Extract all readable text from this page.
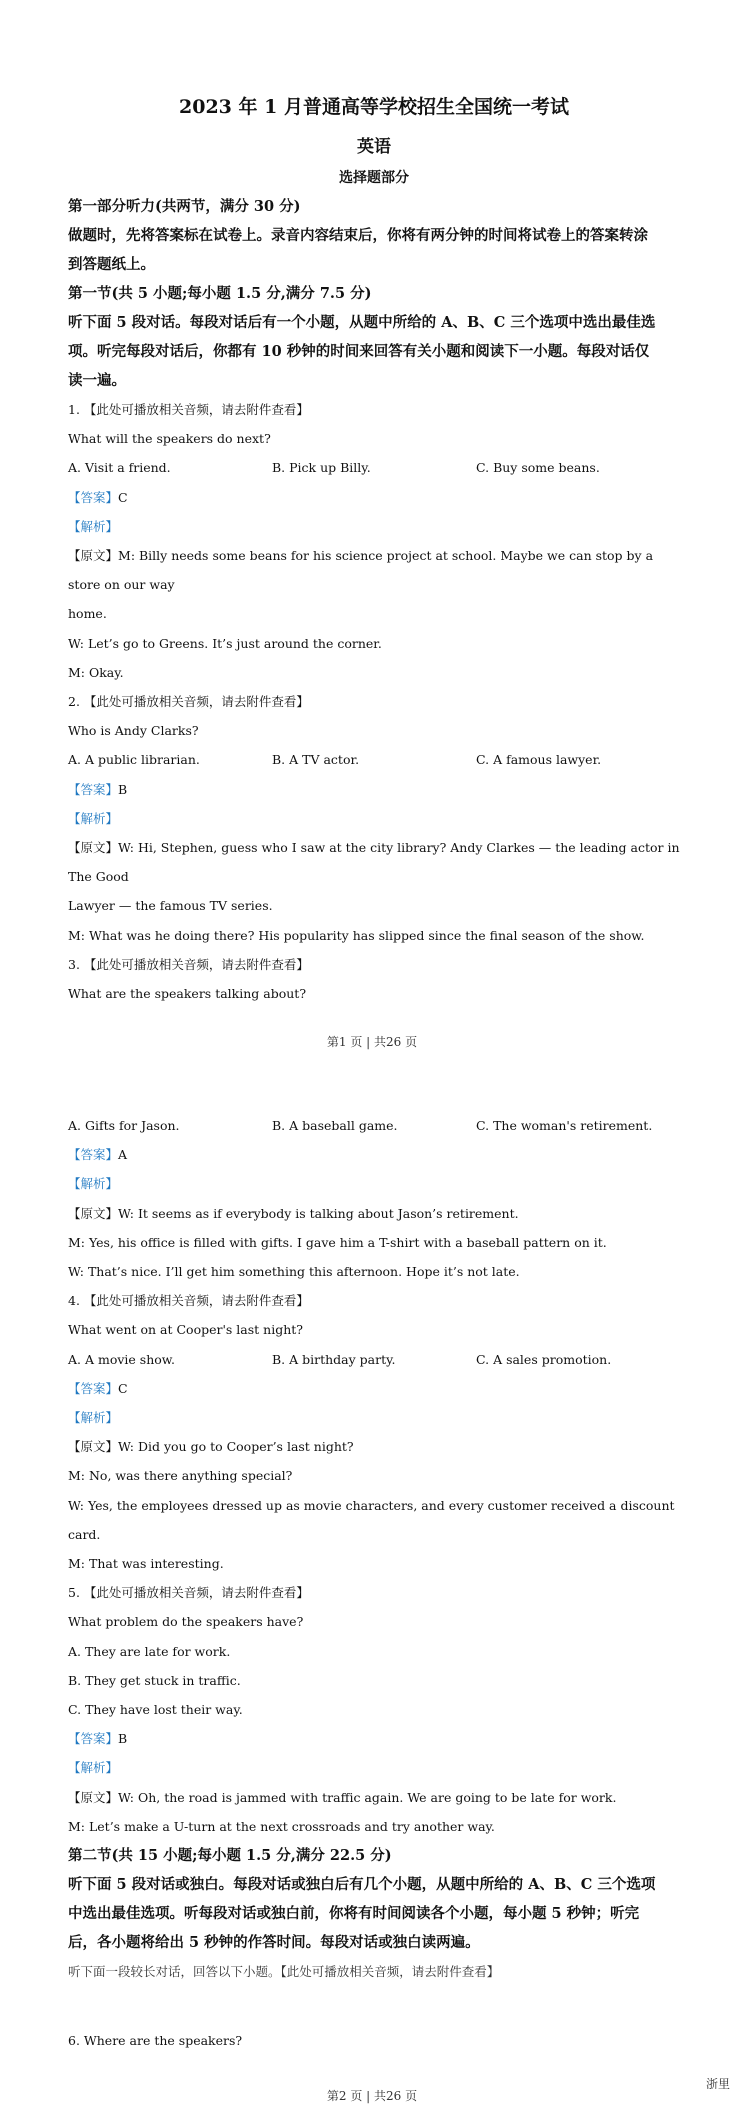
2023 年 1 月普通高等学校招生全国统一考试
英语
选择题部分
第一部分听力(共两节，满分 30 分)
做题时，先将答案标在试卷上。录音内容结束后，你将有两分钟的时间将试卷上的答案转涂
到答题纸上。
第一节(共 5 小题;每小题 1.5 分,满分 7.5 分)
听下面 5 段对话。每段对话后有一个小题，从题中所给的 A、B、C 三个选项中选出最佳选
项。听完每段对话后，你都有 10 秒钟的时间来回答有关小题和阅读下一小题。每段对话仅
读一遍。
1. 【此处可播放相关音频，请去附件查看】
What will the speakers do next?
A. Visit a friend.	B. Pick up Billy.	C. Buy some beans.
【答案】C
【解析】
【原文】M: Billy needs some beans for his science project at school. Maybe we can stop by a store on our way
home.
W: Let’s go to Greens. It’s just around the corner.
M: Okay.
2. 【此处可播放相关音频，请去附件查看】
Who is Andy Clarks?
A. A public librarian.	B. A TV actor.	C. A famous lawyer.
【答案】B
【解析】
【原文】W: Hi, Stephen, guess who I saw at the city library? Andy Clarkes — the leading actor in The Good
Lawyer — the famous TV series.
M: What was he doing there? His popularity has slipped since the final season of the show.
3. 【此处可播放相关音频，请去附件查看】
What are the speakers talking about?
第1 页 | 共26 页
A. Gifts for Jason.	B. A baseball game.	C. The woman's retirement.
【答案】A
【解析】
【原文】W: It seems as if everybody is talking about Jason’s retirement.
M: Yes, his office is filled with gifts. I gave him a T-shirt with a baseball pattern on it.
W: That’s nice. I’ll get him something this afternoon. Hope it’s not late.
4. 【此处可播放相关音频，请去附件查看】
What went on at Cooper's last night?
A. A movie show.	B. A birthday party.	C. A sales promotion.
【答案】C
【解析】
【原文】W: Did you go to Cooper’s last night?
M: No, was there anything special?
W: Yes, the employees dressed up as movie characters, and every customer received a discount card.
M: That was interesting.
5. 【此处可播放相关音频，请去附件查看】
What problem do the speakers have?
A. They are late for work.
B. They get stuck in traffic.
C. They have lost their way.
【答案】B
【解析】
【原文】W: Oh, the road is jammed with traffic again. We are going to be late for work.
M: Let’s make a U-turn at the next crossroads and try another way.
第二节(共 15 小题;每小题 1.5 分,满分 22.5 分)
听下面 5 段对话或独白。每段对话或独白后有几个小题，从题中所给的 A、B、C 三个选项
中选出最佳选项。听每段对话或独白前，你将有时间阅读各个小题，每小题 5 秒钟；听完
后，各小题将给出 5 秒钟的作答时间。每段对话或独白读两遍。
听下面一段较长对话，回答以下小题。【此处可播放相关音频，请去附件查看】
6. Where are the speakers?
浙里
第2 页 | 共26 页
